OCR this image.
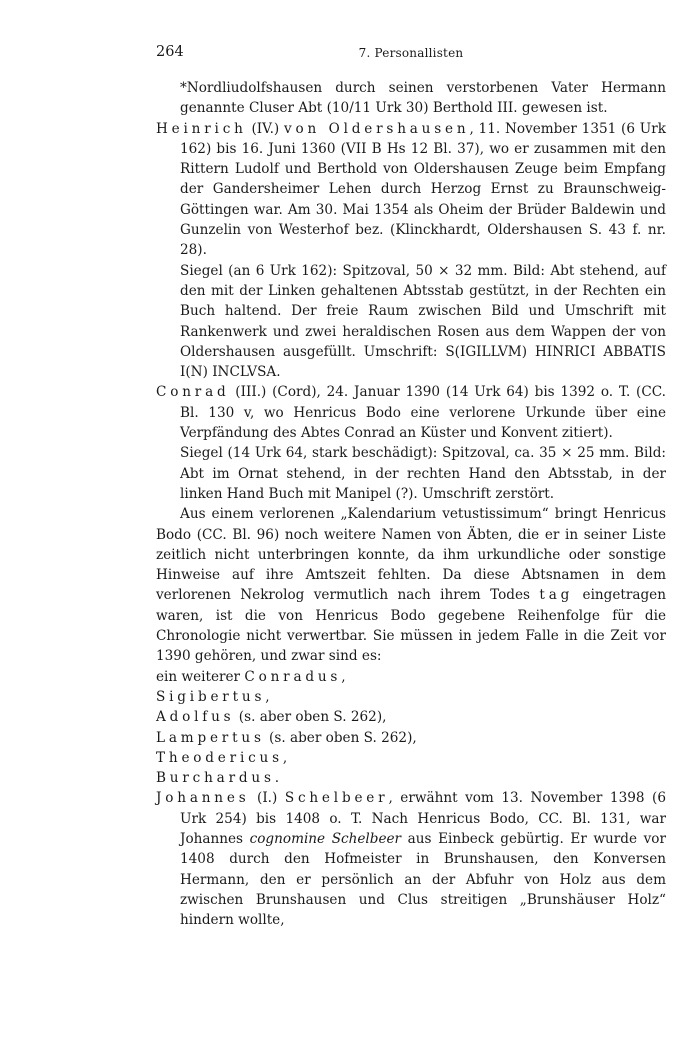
264	7. Personallisten

*Nordliudolfshausen durch seinen verstorbenen Vater Hermann genannte Cluser Abt (10/11 Urk 30) Berthold III. gewesen ist.

Heinrich (IV.) von Oldershausen, 11. November 1351 (6 Urk 162) bis 16. Juni 1360 (VII B Hs 12 Bl. 37), wo er zusammen mit den Rittern Ludolf und Berthold von Oldershausen Zeuge beim Empfang der Gandersheimer Lehen durch Herzog Ernst zu Braunschweig-Göttingen war. Am 30. Mai 1354 als Oheim der Brüder Baldewin und Gunzelin von Westerhof bez. (Klinckhardt, Oldershausen S. 43 f. nr. 28).

Siegel (an 6 Urk 162): Spitzoval, 50 × 32 mm. Bild: Abt stehend, auf den mit der Linken gehaltenen Abtsstab gestützt, in der Rechten ein Buch haltend. Der freie Raum zwischen Bild und Umschrift mit Rankenwerk und zwei heraldischen Rosen aus dem Wappen der von Oldershausen ausgefüllt. Umschrift: S(IGILLVM) HINRICI ABBATIS I(N) INCLVSA.

Conrad (III.) (Cord), 24. Januar 1390 (14 Urk 64) bis 1392 o. T. (CC. Bl. 130 v, wo Henricus Bodo eine verlorene Urkunde über eine Verpfändung des Abtes Conrad an Küster und Konvent zitiert).

Siegel (14 Urk 64, stark beschädigt): Spitzoval, ca. 35 × 25 mm. Bild: Abt im Ornat stehend, in der rechten Hand den Abtsstab, in der linken Hand Buch mit Manipel (?). Umschrift zerstört.

Aus einem verlorenen „Kalendarium vetustissimum“ bringt Henricus Bodo (CC. Bl. 96) noch weitere Namen von Äbten, die er in seiner Liste zeitlich nicht unterbringen konnte, da ihm urkundliche oder sonstige Hinweise auf ihre Amtszeit fehlten. Da diese Abtsnamen in dem verlorenen Nekrolog vermutlich nach ihrem Todes tag eingetragen waren, ist die von Henricus Bodo gegebene Reihenfolge für die Chronologie nicht verwertbar. Sie müssen in jedem Falle in die Zeit vor 1390 gehören, und zwar sind es:

ein weiterer Conradus,

Sigibertus,

Adolfus (s. aber oben S. 262),

Lampertus (s. aber oben S. 262),

Theodericus,

Burchardus.

Johannes (I.) Schelbeer, erwähnt vom 13. November 1398 (6 Urk 254) bis 1408 o. T. Nach Henricus Bodo, CC. Bl. 131, war Johannes cognomine Schelbeer aus Einbeck gebürtig. Er wurde vor 1408 durch den Hofmeister in Brunshausen, den Konversen Hermann, den er persönlich an der Abfuhr von Holz aus dem zwischen Brunshausen und Clus streitigen „Brunshäuser Holz“ hindern wollte,
